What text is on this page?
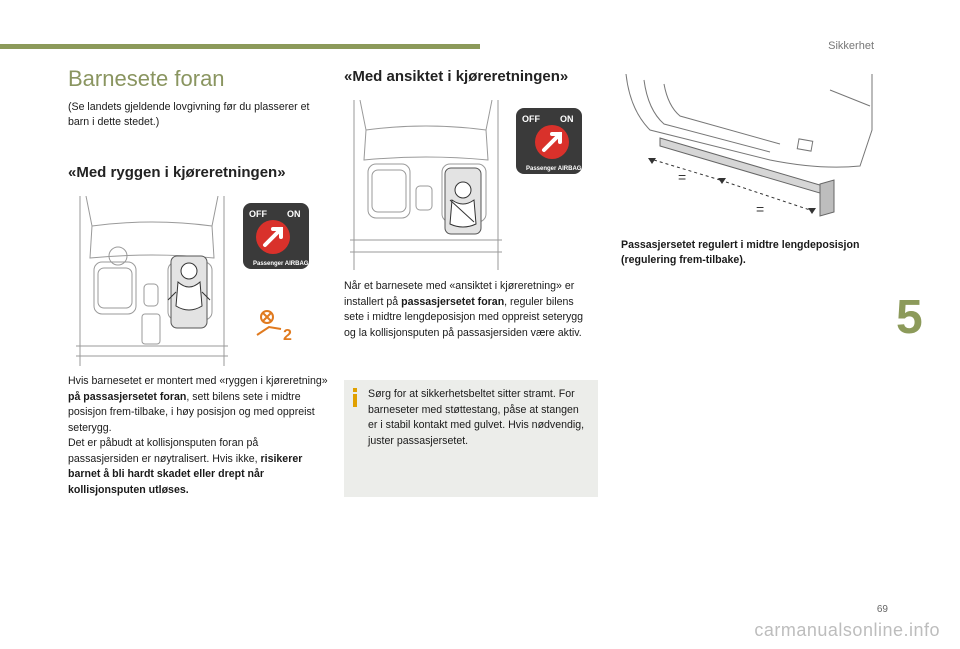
Sikkerhet
Barnesete foran
(Se landets gjeldende lovgivning før du plasserer et barn i dette stedet.)
«Med ryggen i kjøreretningen»
OFF ON
Passenger AIRBAG
2
Hvis barnesetet er montert med «ryggen i kjøreretning» på passasjersetet foran, sett bilens sete i midtre posisjon frem-tilbake, i høy posisjon og med oppreist seterygg.
Det er påbudt at kollisjonsputen foran på passasjersiden er nøytralisert. Hvis ikke, risikerer barnet å bli hardt skadet eller drept når kollisjonsputen utløses.
«Med ansiktet i kjøreretningen»
OFF ON
Passenger AIRBAG
Når et barnesete med «ansiktet i kjøreretning» er installert på passasjersetet foran, reguler bilens sete i midtre lengdeposisjon med oppreist seterygg og la kollisjonsputen på passasjersiden være aktiv.
Sørg for at sikkerhetsbeltet sitter stramt. For barneseter med støttestang, påse at stangen er i stabil kontakt med gulvet. Hvis nødvendig, juster passasjersetet.
=
=
Passasjersetet regulert i midtre lengdeposisjon (regulering frem-tilbake).
5
69
carmanualsonline.info
